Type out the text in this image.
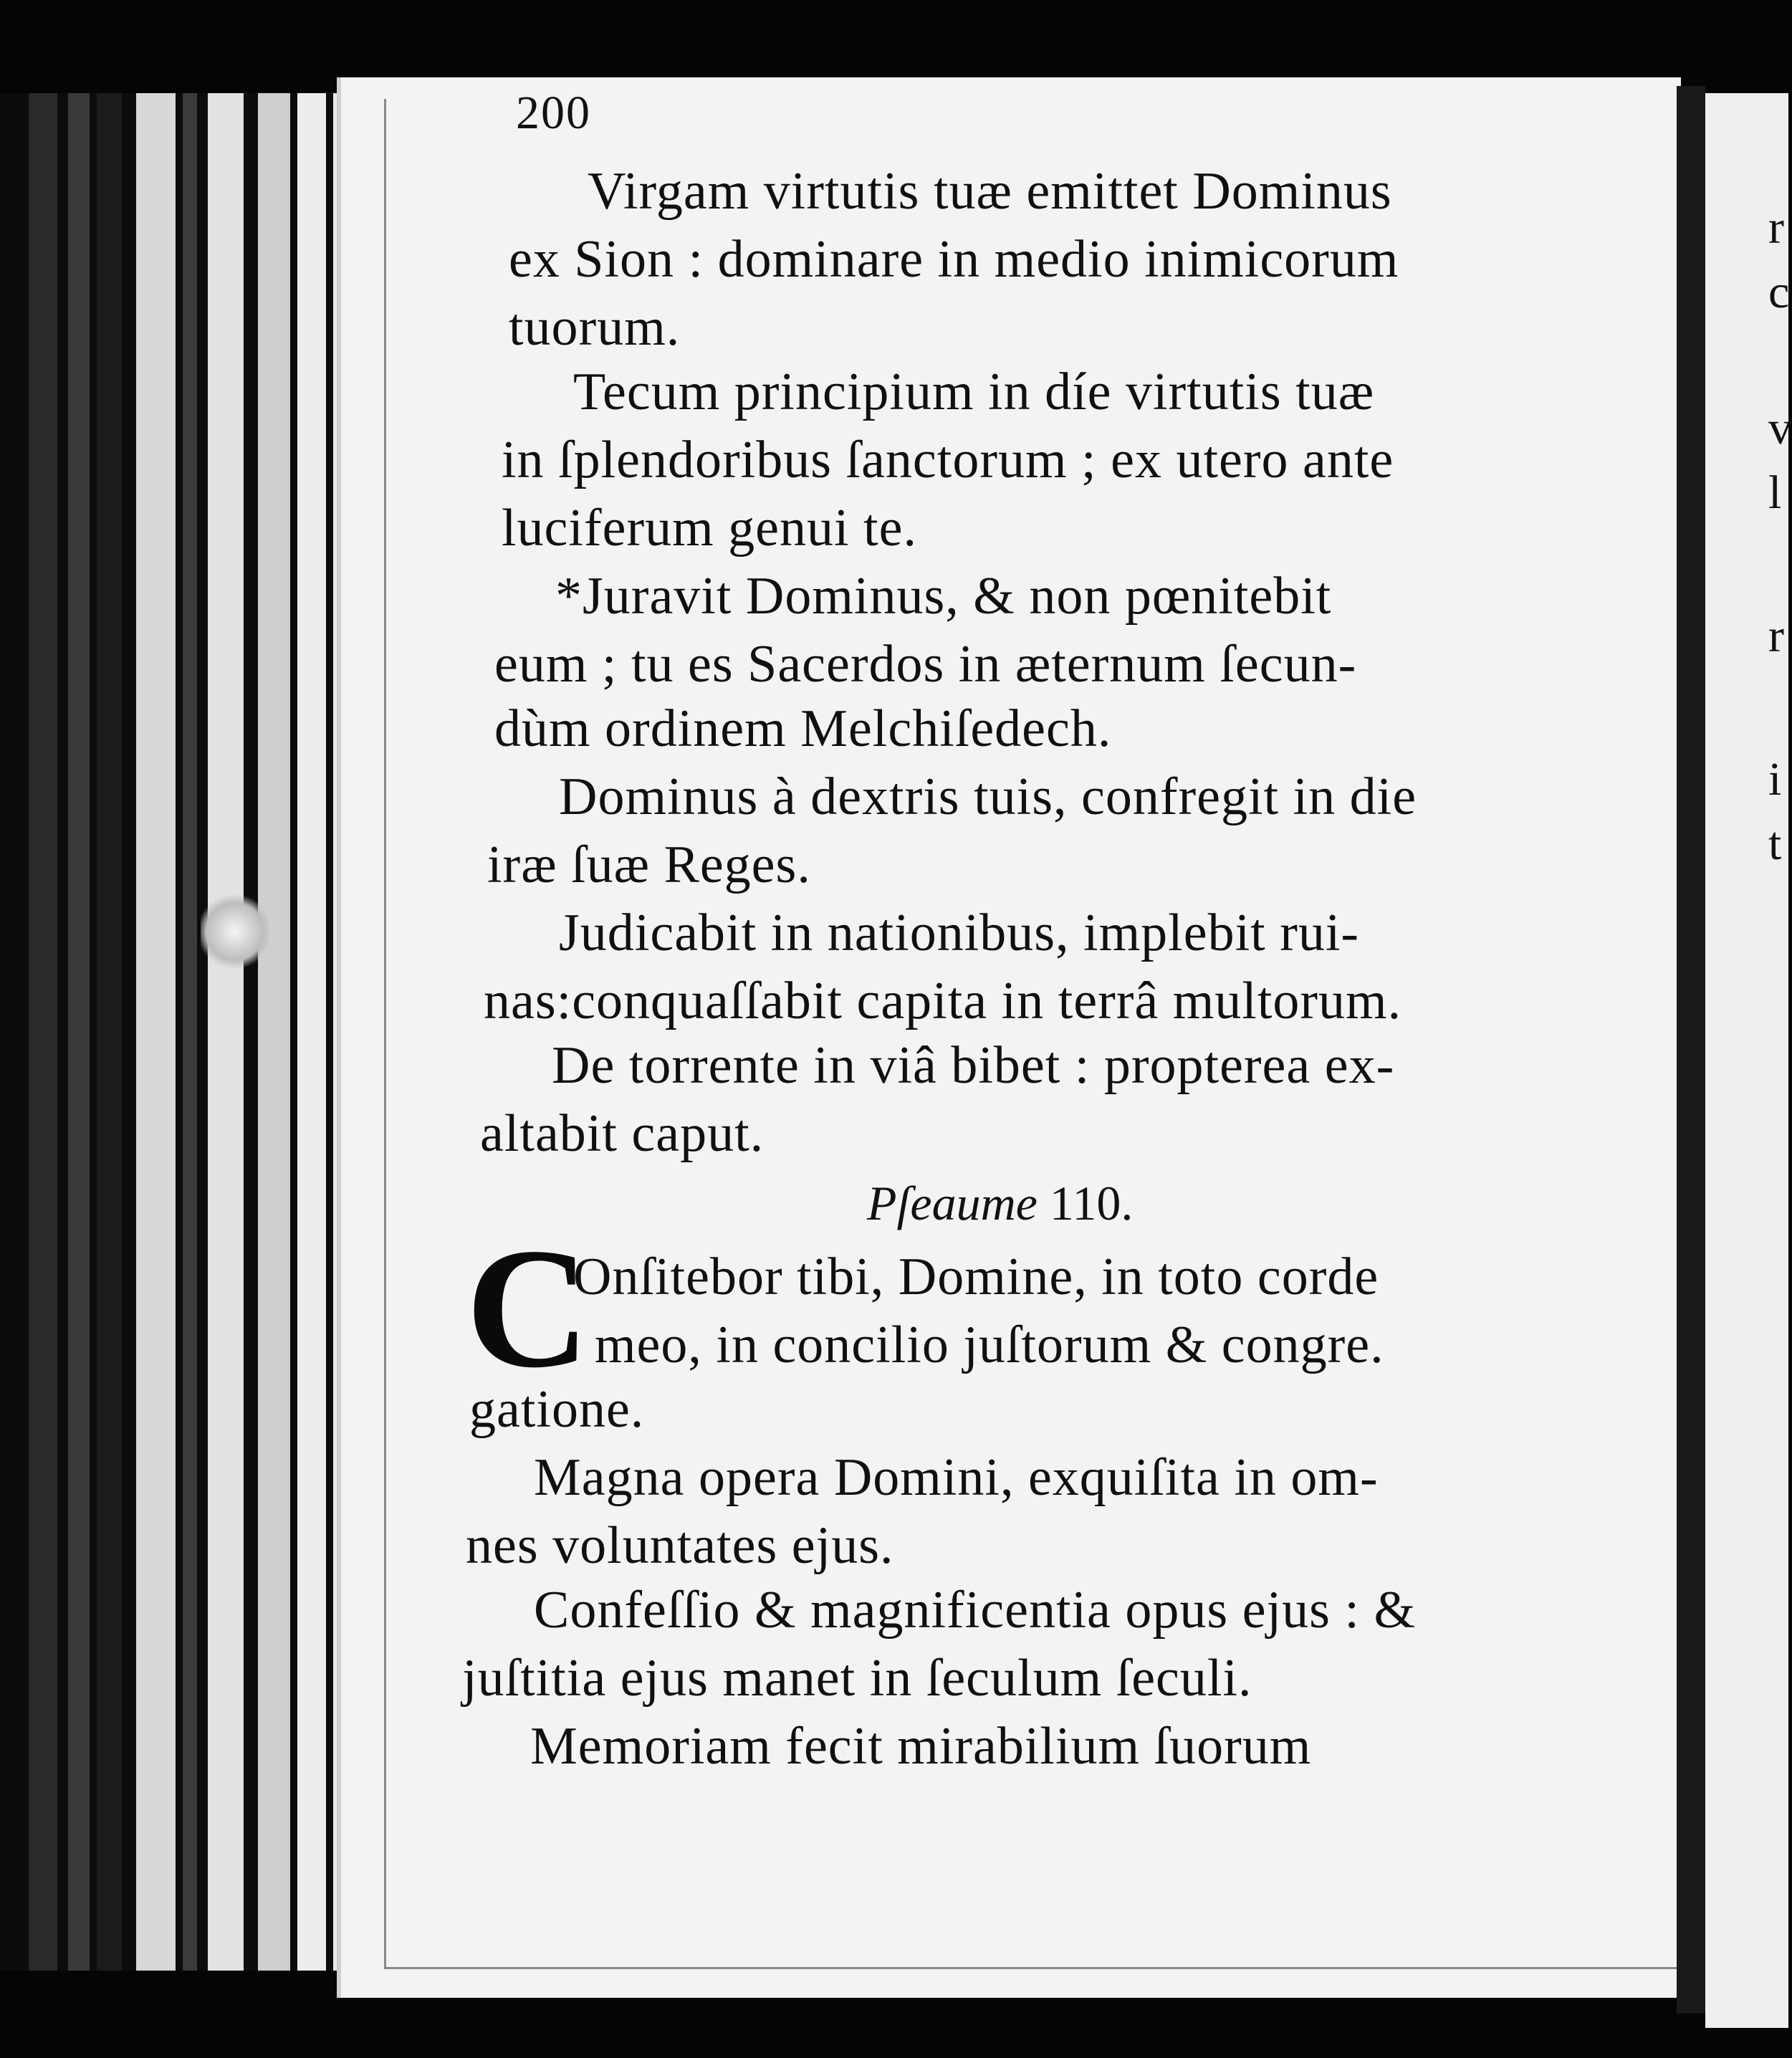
r
c
v
l
r
i
t
200
Virgam virtutis tuæ emittet Dominus
ex Sion : dominare in medio inimicorum
tuorum.
Tecum principium in díe virtutis tuæ
in ſplendoribus ſanctorum ; ex utero ante
luciferum genui te.
*Juravit Dominus, & non pœnitebit
eum ; tu es Sacerdos in æternum ſecun-
dùm ordinem Melchiſedech.
Dominus à dextris tuis, confregit in die
iræ ſuæ Reges.
Judicabit in nationibus, implebit rui-
nas:conquaſſabit capita in terrâ multorum.
De torrente in viâ bibet : propterea ex-
altabit caput.
Pſeaume 110.
C
Onſitebor tibi, Domine, in toto corde
meo, in concilio juſtorum & congre.
gatione.
Magna opera Domini, exquiſita in om-
nes voluntates ejus.
Confeſſio & magnificentia opus ejus : &
juſtitia ejus manet in ſeculum ſeculi.
Memoriam fecit mirabilium ſuorum
